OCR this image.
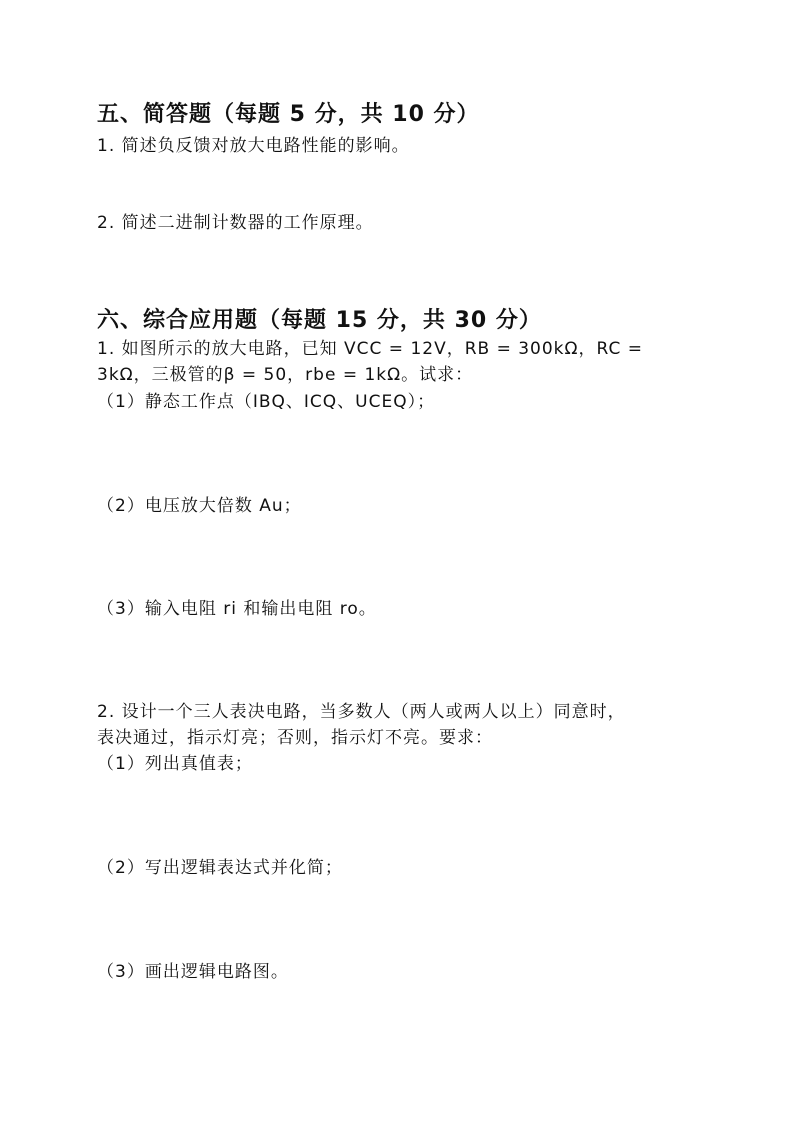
五、简答题（每题 5 分，共 10 分）
1. 简述负反馈对放大电路性能的影响。
2. 简述二进制计数器的工作原理。
六、综合应用题（每题 15 分，共 30 分）
1. 如图所示的放大电路，已知 VCC = 12V，RB = 300kΩ，RC =
3kΩ，三极管的β = 50，rbe = 1kΩ。试求：
（1）静态工作点（IBQ、ICQ、UCEQ）；
（2）电压放大倍数 Au；
（3）输入电阻 ri 和输出电阻 ro。
2. 设计一个三人表决电路，当多数人（两人或两人以上）同意时，
表决通过，指示灯亮；否则，指示灯不亮。要求：
（1）列出真值表；
（2）写出逻辑表达式并化简；
（3）画出逻辑电路图。
